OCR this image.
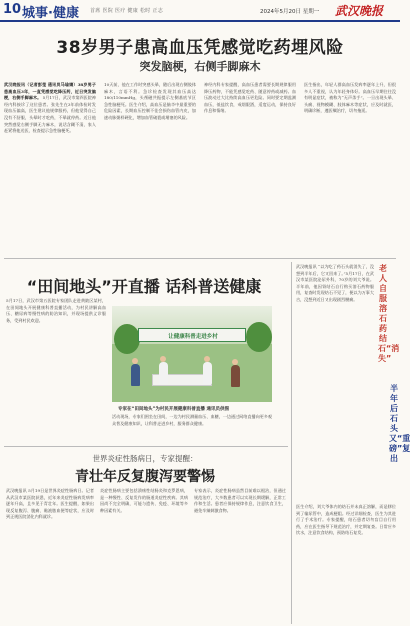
10 城事·健康 首席 医院 医疗 健康 松时 正志	2024年5月20日 星期一 武汉晚报
38岁男子患高血压凭感觉吃药埋风险
突发脑梗，右侧手脚麻木
武汉晚报讯（记者彭莹 通讯员马瑜婧）38岁男子患高血压3年，一直凭感觉吃降压药，近日突发脑梗，右侧手脚麻木。 5月17日，武汉市第四医院神经内科接诊了这位患者。张先生在3年前体检时发现血压偏高，医生建议他规律服药，但他觉得自己没有不舒服，头晕时才吃药，不晕就停药。近日他突然感觉右侧手脚无力麻木，说话含糊不清，家人赶紧将他送医，检查提示急性脑梗死。
10天前，他在工作时突感头晕，随后出现右侧肢体麻木，言语不利。急诊检查发现其血压高达180/110mmHg，头颅磁共振提示左侧基底节区急性脑梗死。医生介绍，高血压是脑卒中最重要的危险因素，长期血压控制不佳会损伤血管内皮，加速动脉粥样硬化，增加血管破裂或堵塞的风险。
神经内科专家提醒，高血压患者需要长期规律服用降压药物，不能凭感觉吃药、随意停药或减药。血压波动过大比持续高血压更危险。同时要定期监测血压，低盐饮食，戒烟限酒，适度运动，保持良好作息和情绪。
医生指出，年轻人群高血压发病率逐年上升，但很多人不重视，认为年轻身体好。高血压早期往往没有明显症状，被称为“无声杀手”。一旦出现头晕、头痛、视物模糊、肢体麻木等症状，应及时就医，明确诊断，遵医嘱治疗，切勿拖延。
“田间地头”开直播 话科普送健康
5月17日，武汉市第五医院专家团队走进黄陂区某村，在田间地头开展健康科普直播活动，为村民讲解高血压、糖尿病等慢性病的防治知识，并现场提供义诊服务，受到村民欢迎。
让健康科普走进乡村
专家在“田间地头”为村民开展健康科普直播 通讯员供图
活动现场，专家们围坐在田间，一边为村民测量血压、血糖，一边通过网络直播向更多观众普及健康知识，让科普走进乡村，服务群众健康。
世界炎症性肠病日，专家提醒：
青壮年反复腹泻要警惕
武汉晚报讯 5月19日是世界炎症性肠病日。记者从武汉市某医院获悉，近年来炎症性肠病发病率逐年升高，且多见于青壮年。医生提醒，如果出现反复腹泻、腹痛、黏液脓血便等症状，应及时到正规医院消化内科就诊。
炎症性肠病主要包括溃疡性结肠炎和克罗恩病，是一种慢性、反复发作的肠道炎症性疾病。其病因尚不完全明确，可能与遗传、免疫、环境等多种因素有关。
专家表示，炎症性肠病虽然目前难以根治，但通过规范治疗，大多数患者可以实现长期缓解，正常工作和生活。患者应保持规律作息，注意饮食卫生，避免辛辣刺激食物。
武汉晚报讯 “以为吃了药石头就消失了，没想到半年后，它又回来了。”5月17日，在武汉市某医院泌尿外科，70岁的刘大爷说。半年前，他因肾结石自行购买溶石药物服用，复查时发现结石不见了，便以为万事大吉，没想到近日又出现剧烈腰痛。
老人自服溶石药结石“消失”
半年后石头又“重磅”复出
医生介绍，刘大爷体内的结石并未真正溶解，而是移位到了输尿管中，造成梗阻。经过详细检查，医生为其进行了手术治疗。专家提醒，结石患者切勿盲目自行用药，应在医生指导下规范治疗，并定期复查。日常应多饮水，注意饮食结构，预防结石复发。
